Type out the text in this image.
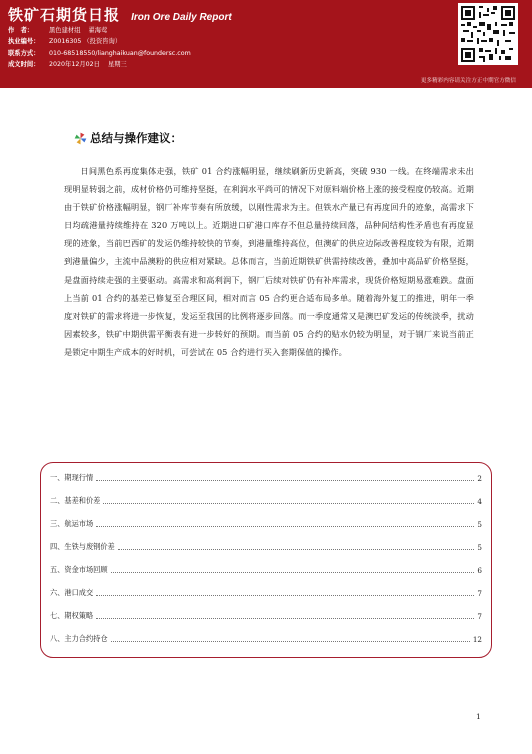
铁矿石期货日报 Iron Ore Daily Report
作　者：	黑色建材组 翟海莺
执业编号： Z0016305 （投资咨询）
联系方式： 010-68518550/lianghaikuan@foundersc.com
成文时间： 2020年12月02日 星期三
更多精彩内容请关注方正中期官方微信
总结与操作建议：

日间黑色系再度集体走强，铁矿 01 合约涨幅明显，继续刷新历史新高，突破 930 一线。在终端需求未出现明显转弱之前，成材价格仍可维持坚挺，在利润水平尚可的情况下对原料端价格上涨的接受程度仍较高。近期由于铁矿价格涨幅明显，钢厂补库节奏有所放缓，以刚性需求为主。但铁水产量已有再度回升的迹象，高需求下日均疏港量持续维持在 320 万吨以上。近期进口矿港口库存不但总量持续回落，品种间结构性矛盾也有再度显现的迹象，当前巴西矿的发运仍维持较快的节奏，到港量维持高位，但澳矿的供应边际改善程度较为有限，近期到港量偏少，主流中品澳粉的供应相对紧缺。总体而言，当前近期铁矿供需持续改善，叠加中高品矿价格坚挺，是盘面持续走强的主要驱动。高需求和高利润下，钢厂后续对铁矿仍有补库需求，现货价格短期易涨难跌。盘面上当前 01 合约的基差已修复至合理区间，相对而言 05 合约更合适布局多单。随着海外复工的推进，明年一季度对铁矿的需求将进一步恢复，发运至我国的比例将逐步回落。而一季度通常又是澳巴矿发运的传统淡季，扰动因素较多，铁矿中期供需平衡表有进一步转好的预期。而当前 05 合约的贴水仍较为明显，对于钢厂来说当前正是锁定中期生产成本的好时机，可尝试在 05 合约进行买入套期保值的操作。

一、期现行情	2
二、基差和价差	4
三、航运市场	5
四、生铁与废钢价差	5
五、资金市场回顾	6
六、港口成交	7
七、期权策略	7
八、主力合约持仓	12
1
